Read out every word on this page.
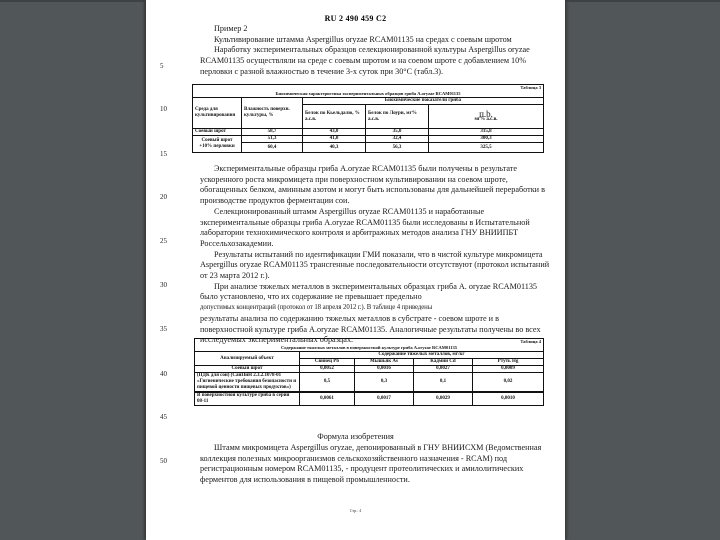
RU 2 490 459 C2
5
10
15
20
25
30
35
40
45
50

Пример 2

Культивирование штамма Aspergillus oryzae RCAM01135 на средах с соевым шротом

Наработку экспериментальных образцов селекционированной культуры Aspergillus oryzae RCAM01135 осуществляли на среде с соевым шротом и на соевом шроте с добавлением 10% перловки с разной влажностью в течение 3-х суток при 30°С (табл.3).

Таблица 3				
Биохимическая характеристика экспериментальных образцов гриба A.oryzae RCAM01135				
Среда для культивирования	Влажность поверхн. культуры, %	Биохимические показатели гриба		
		Белок по Кьельдалю, % а.с.в.	Белок по Лоури, мг% а.с.в.	п.b.
мг% а.с.в.

Соевый шрот	58,7	43,0	35,0	315,8
Соевый шрот +10% перловки	51,3	41,0	32,4	300,3
	60,4	40,3	56,3	325,5

Экспериментальные образцы гриба A.oryzae RCAM01135 были получены в результате ускоренного роста микромицета при поверхностном культивировании на соевом шроте, обогащенных белком, аминным азотом и могут быть использованы для дальнейшей переработки в производстве продуктов ферментации сои.

Селекционированный штамм Aspergillus oryzae RCAM01135 и наработанные экспериментальные образцы гриба A.oryzae RCAM01135 были исследованы в Испытательной лаборатории технохимического контроля и арбитражных методов анализа ГНУ ВНИИПБТ Россельхозакадемии.

Результаты испытаний по идентификации ГМИ показали, что в чистой культуре микромицета Aspergillus oryzae RCAM01135 трансгенные последовательности отсутствуют (протокол испытаний от 23 марта 2012 г.).

При анализе тяжелых металлов в экспериментальных образцах гриба A. oryzae RCAM01135 было установлено, что их содержание не превышает предельно

допустимых концентраций (протокол от 18 апреля 2012 г.). В таблице 4 приведены

результаты анализа по содержанию тяжелых металлов в субстрате - соевом шроте и в поверхностной культуре гриба A.oryzae RCAM01135. Аналогичные результаты получены во всех исследуемых экспериментальных образцах.	Таблица 4				
Содержание тяжелых металлов в поверхностной культуре гриба A.oryzae RCAM01135				
Анализируемый объект	Содержание тяжелых металлов, мг/кг			
	Свинец Pb	Мышьяк As	Кадмий Cd	Ртуть Hg
Соевый шрот	0,0052	0,0016	0,0027	0,0009
(ПДК для сои) (СанПиН 2.3.2.1078-01 «Гигиенические требования безопасности и пищевой ценности пищевых продуктов»)	0,5	0,3	0,1	0,02
В поверхностной культуре гриба в серии 08-11	0,0061	0,0017	0,0029	0,0010
Формула изобретения

Штамм микромицета Aspergillus oryzae, депонированный в ГНУ ВНИИСХМ (Ведомственная коллекция полезных микроорганизмов сельскохозяйственного назначения - RCAM) под регистрационным номером RCAM01135, - продуцент протеолитических и амилолитических ферментов для использования в пищевой промышленности.

Стр.: 4
